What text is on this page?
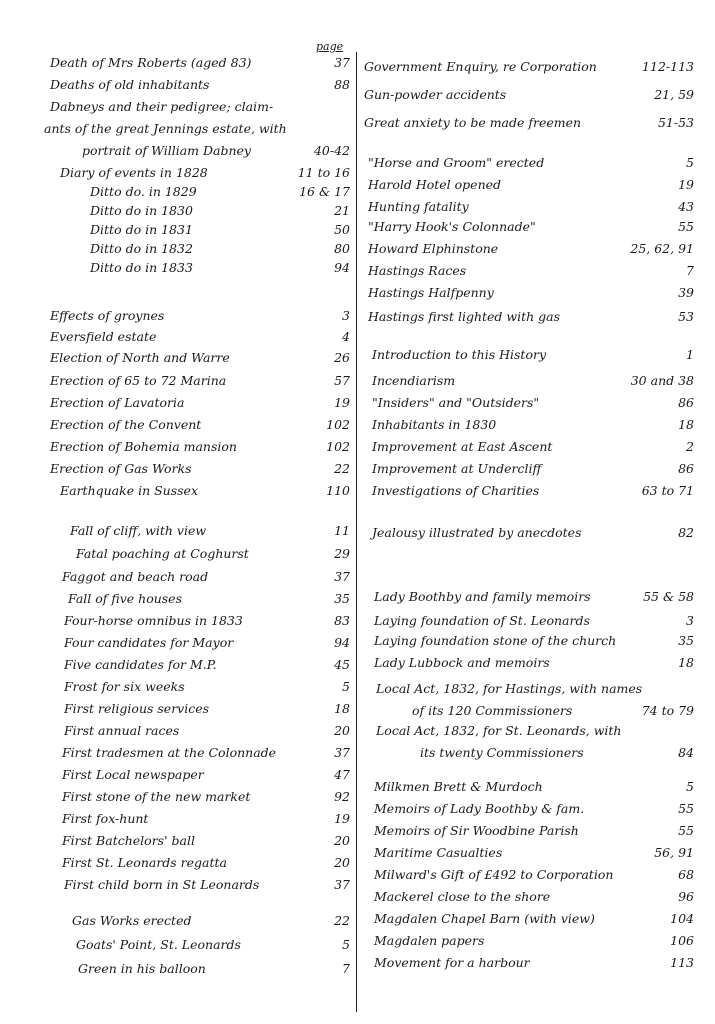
page
Death of Mrs Roberts (aged 83)	37
Deaths of old inhabitants	88
Dabneys and their pedigree; claim-
ants of the great Jennings estate, with
portrait of William Dabney	40-42
Diary of events in 1828	11 to 16
Ditto do. in 1829	16 & 17
Ditto do in 1830	21
Ditto do in 1831	50
Ditto do in 1832	80
Ditto do in 1833	94
Effects of groynes	3
Eversfield estate	4
Election of North and Warre	26
Erection of 65 to 72 Marina	57
Erection of Lavatoria	19
Erection of the Convent	102
Erection of Bohemia mansion	102
Erection of Gas Works	22
Earthquake in Sussex	110
Fall of cliff, with view	11
Fatal poaching at Coghurst	29
Faggot and beach road	37
Fall of five houses	35
Four-horse omnibus in 1833	83
Four candidates for Mayor	94
Five candidates for M.P.	45
Frost for six weeks	5
First religious services	18
First annual races	20
First tradesmen at the Colonnade	37
First Local newspaper	47
First stone of the new market	92
First fox-hunt	19
First Batchelors' ball	20
First St. Leonards regatta	20
First child born in St Leonards	37
Gas Works erected	22
Goats' Point, St. Leonards	5
Green in his balloon	7
Government Enquiry, re Corporation	112-113
Gun-powder accidents	21, 59
Great anxiety to be made freemen	51-53
"Horse and Groom" erected	5
Harold Hotel opened	19
Hunting fatality	43
"Harry Hook's Colonnade"	55
Howard Elphinstone	25, 62, 91
Hastings Races	7
Hastings Halfpenny	39
Hastings first lighted with gas	53
Introduction to this History	1
Incendiarism	30 and 38
"Insiders" and "Outsiders"	86
Inhabitants in 1830	18
Improvement at East Ascent	2
Improvement at Undercliff	86
Investigations of Charities	63 to 71
Jealousy illustrated by anecdotes	82
Lady Boothby and family memoirs	55 & 58
Laying foundation of St. Leonards	3
Laying foundation stone of the church	35
Lady Lubbock and memoirs	18
Local Act, 1832, for Hastings, with names
of its 120 Commissioners	74 to 79
Local Act, 1832, for St. Leonards, with
its twenty Commissioners	84
Milkmen Brett & Murdoch	5
Memoirs of Lady Boothby & fam.	55
Memoirs of Sir Woodbine Parish	55
Maritime Casualties	56, 91
Milward's Gift of £492 to Corporation	68
Mackerel close to the shore	96
Magdalen Chapel Barn (with view)	104
Magdalen papers	106
Movement for a harbour	113
